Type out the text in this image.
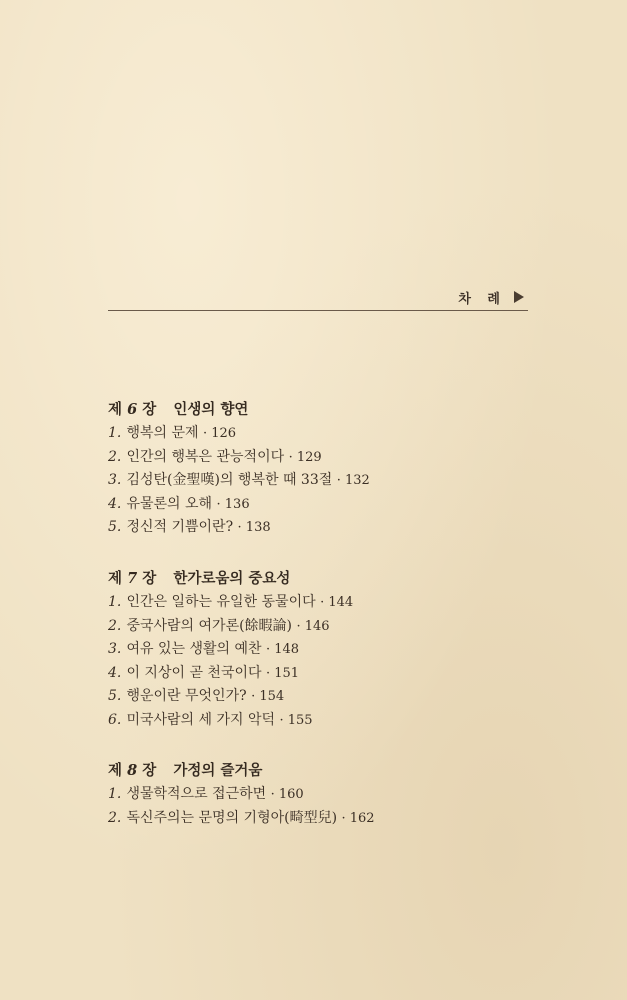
차 례
제 6 장 인생의 향연
1. 행복의 문제 · 126
2. 인간의 행복은 관능적이다 · 129
3. 김성탄(金聖嘆)의 행복한 때 33절 · 132
4. 유물론의 오해 · 136
5. 정신적 기쁨이란? · 138
제 7 장 한가로움의 중요성
1. 인간은 일하는 유일한 동물이다 · 144
2. 중국사람의 여가론(餘暇論) · 146
3. 여유 있는 생활의 예찬 · 148
4. 이 지상이 곧 천국이다 · 151
5. 행운이란 무엇인가? · 154
6. 미국사람의 세 가지 악덕 · 155
제 8 장 가정의 즐거움
1. 생물학적으로 접근하면 · 160
2. 독신주의는 문명의 기형아(畸型兒) · 162
